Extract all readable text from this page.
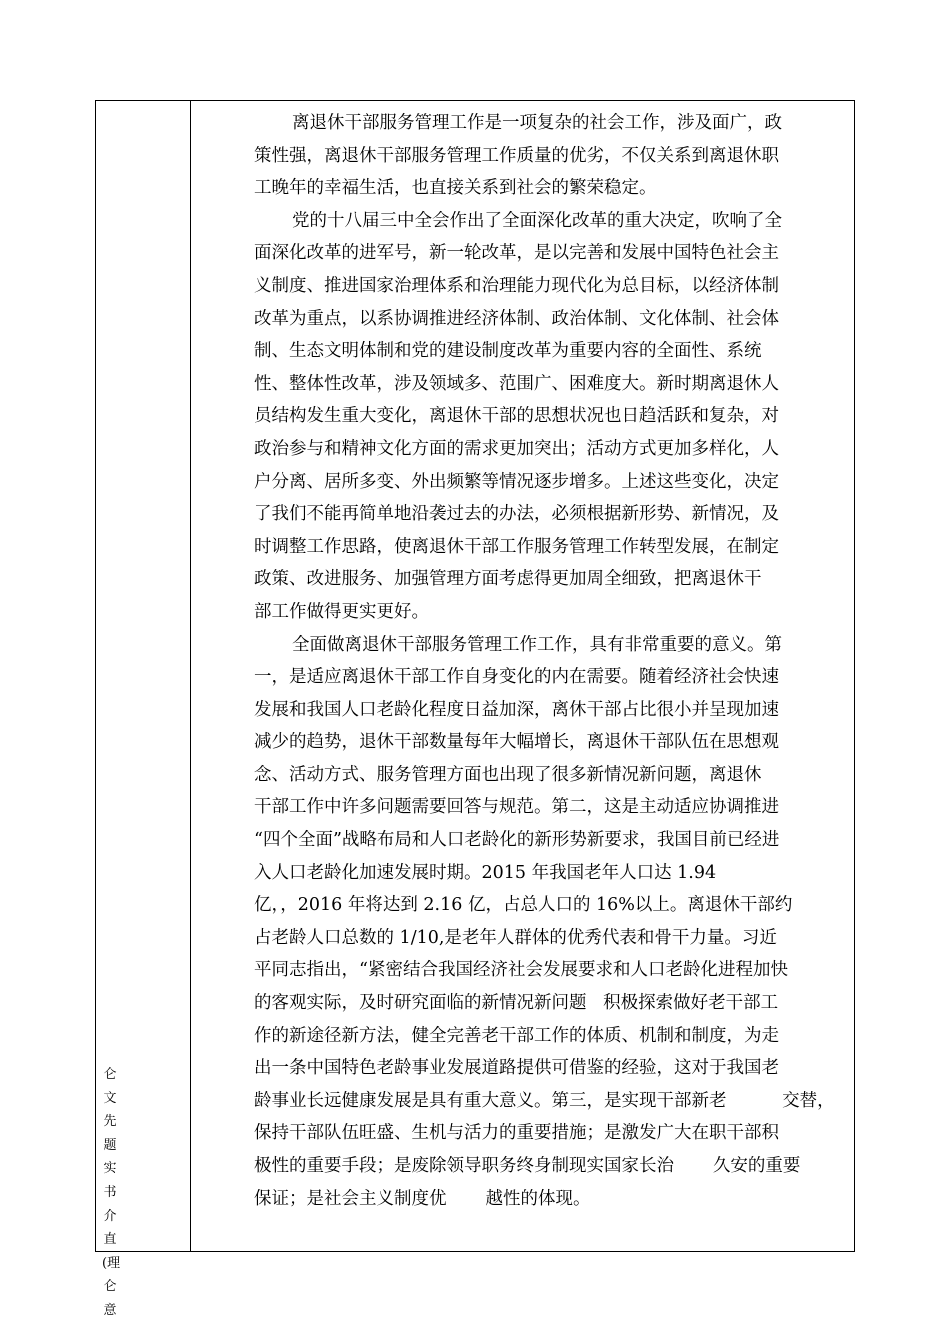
仑文先题实书介直(理仑意
离退休干部服务管理工作是一项复杂的社会工作，涉及面广，政
策性强，离退休干部服务管理工作质量的优劣，不仅关系到离退休职
工晚年的幸福生活，也直接关系到社会的繁荣稳定。
党的十八届三中全会作出了全面深化改革的重大决定，吹响了全
面深化改革的进军号，新一轮改革，是以完善和发展中国特色社会主
义制度、推进国家治理体系和治理能力现代化为总目标，以经济体制
改革为重点，以系协调推进经济体制、政治体制、文化体制、社会体
制、生态文明体制和党的建设制度改革为重要内容的全面性、系统
性、整体性改革，涉及领域多、范围广、困难度大。新时期离退休人
员结构发生重大变化，离退休干部的思想状况也日趋活跃和复杂，对
政治参与和精神文化方面的需求更加突出；活动方式更加多样化，人
户分离、居所多变、外出频繁等情况逐步增多。上述这些变化，决定
了我们不能再简单地沿袭过去的办法，必须根据新形势、新情况，及
时调整工作思路，使离退休干部工作服务管理工作转型发展，在制定
政策、改进服务、加强管理方面考虑得更加周全细致，把离退休干
部工作做得更实更好。
全面做离退休干部服务管理工作工作，具有非常重要的意义。第
一，是适应离退休干部工作自身变化的内在需要。随着经济社会快速
发展和我国人口老龄化程度日益加深，离休干部占比很小并呈现加速
减少的趋势，退休干部数量每年大幅增长，离退休干部队伍在思想观
念、活动方式、服务管理方面也出现了很多新情况新问题，离退休
干部工作中许多问题需要回答与规范。第二，这是主动适应协调推进
“四个全面”战略布局和人口老龄化的新形势新要求，我国目前已经进
入人口老龄化加速发展时期。2015 年我国老年人口达 1.94
亿，，2016 年将达到 2.16 亿，占总人口的 16%以上。离退休干部约
占老龄人口总数的 1/10,是老年人群体的优秀代表和骨干力量。习近
平同志指出，“紧密结合我国经济社会发展要求和人口老龄化进程加快
的客观实际，及时研究面临的新情况新问题   积极探索做好老干部工
作的新途径新方法，健全完善老干部工作的体质、机制和制度，为走
出一条中国特色老龄事业发展道路提供可借鉴的经验，这对于我国老
龄事业长远健康发展是具有重大意义。第三，是实现干部新老          交替，
保持干部队伍旺盛、生机与活力的重要措施；是激发广大在职干部积
极性的重要手段；是废除领导职务终身制现实国家长治       久安的重要
保证；是社会主义制度优       越性的体现。
